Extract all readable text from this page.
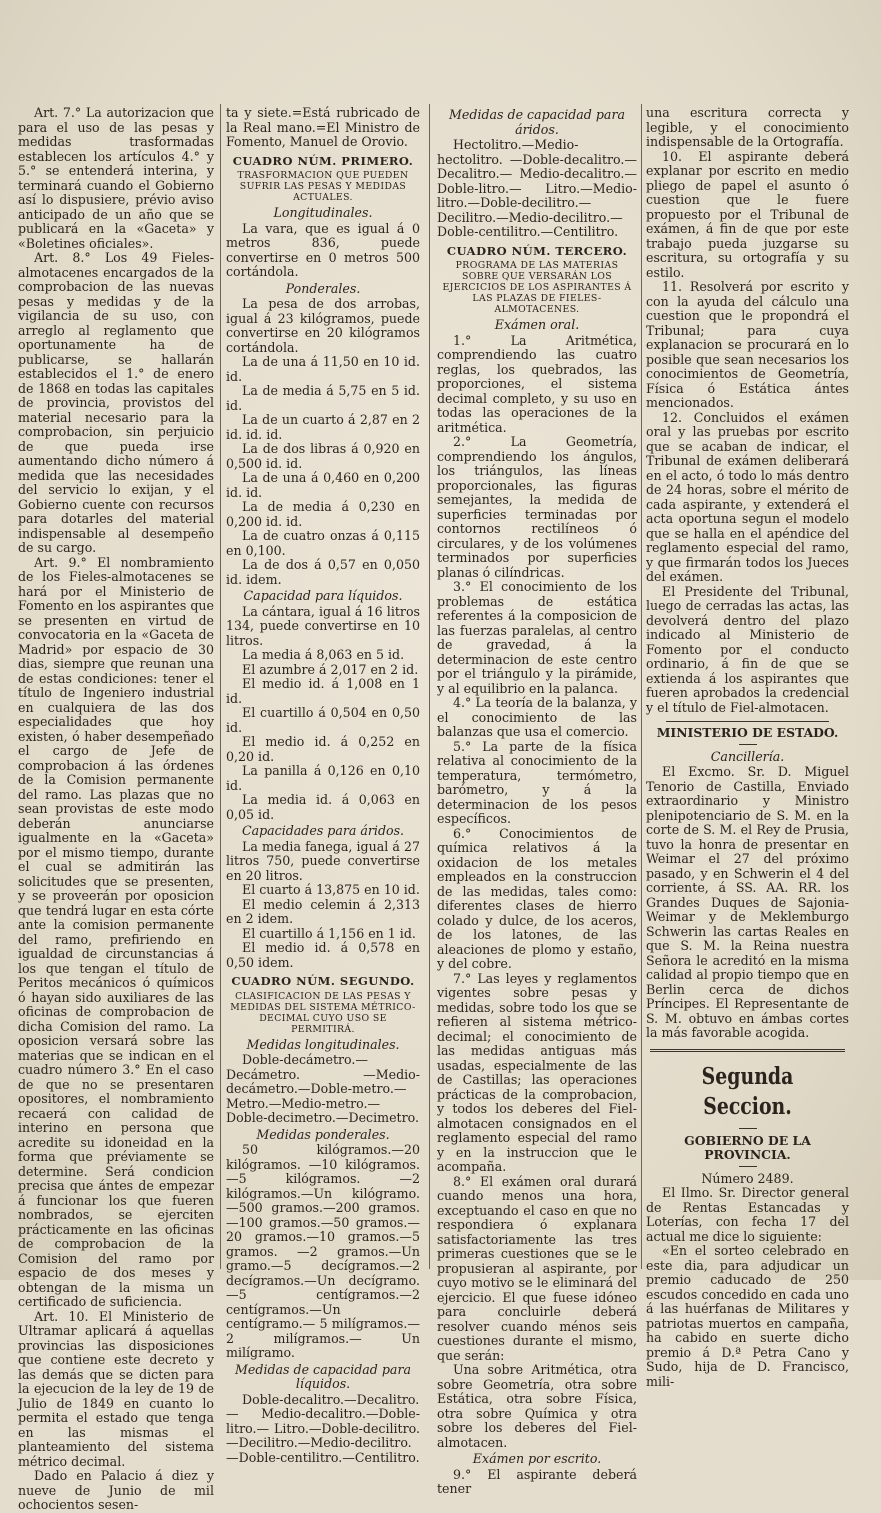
Art. 7.° La autorizacion que para el uso de las pesas y medidas trasformadas establecen los artículos 4.° y 5.° se entenderá interina, y terminará cuando el Gobierno así lo dispusiere, prévio aviso anticipado de un año que se publicará en la «Gaceta» y «Boletines oficiales».

Art. 8.° Los 49 Fieles-almotacenes encargados de la comprobacion de las nuevas pesas y medidas y de la vigilancia de su uso, con arreglo al reglamento que oportunamente ha de publicarse, se hallarán establecidos el 1.° de enero de 1868 en todas las capitales de provincia, provistos del material necesario para la comprobacion, sin perjuicio de que pueda irse aumentando dicho número á medida que las necesidades del servicio lo exijan, y el Gobierno cuente con recursos para dotarles del material indispensable al desempeño de su cargo.

Art. 9.° El nombramiento de los Fieles-almotacenes se hará por el Ministerio de Fomento en los aspirantes que se presenten en virtud de convocatoria en la «Gaceta de Madrid» por espacio de 30 dias, siempre que reunan una de estas condiciones: tener el título de Ingeniero industrial en cualquiera de las dos especialidades que hoy existen, ó haber desempeñado el cargo de Jefe de comprobacion á las órdenes de la Comision permanente del ramo. Las plazas que no sean provistas de este modo deberán anunciarse igualmente en la «Gaceta» por el mismo tiempo, durante el cual se admitirán las solicitudes que se presenten, y se proveerán por oposicion que tendrá lugar en esta córte ante la comision permanente del ramo, prefiriendo en igualdad de circunstancias á los que tengan el título de Peritos mecánicos ó químicos ó hayan sido auxiliares de las oficinas de comprobacion de dicha Comision del ramo. La oposicion versará sobre las materias que se indican en el cuadro número 3.° En el caso de que no se presentaren opositores, el nombramiento recaerá con calidad de interino en persona que acredite su idoneidad en la forma que préviamente se determine. Será condicion precisa que ántes de empezar á funcionar los que fueren nombrados, se ejerciten prácticamente en las oficinas de comprobacion de la Comision del ramo por espacio de dos meses y obtengan de la misma un certificado de suficiencia.

Art. 10. El Ministerio de Ultramar aplicará á aquellas provincias las disposiciones que contiene este decreto y las demás que se dicten para la ejecucion de la ley de 19 de Julio de 1849 en cuanto lo permita el estado que tenga en las mismas el planteamiento del sistema métrico decimal.

Dado en Palacio á diez y nueve de Junio de mil ochocientos sesen-

ta y siete.=Está rubricado de la Real mano.=El Ministro de Fomento, Manuel de Orovio.

CUADRO NÚM. PRIMERO.
TRASFORMACION QUE PUEDEN SUFRIR LAS PESAS Y MEDIDAS ACTUALES.
Longitudinales.

La vara, que es igual á 0 metros 836, puede convertirse en 0 metros 500 cortándola.

Ponderales.

La pesa de dos arrobas, igual á 23 kilógramos, puede convertirse en 20 kilógramos cortándola.

La de una á 11,50 en 10 id. id.

La de media á 5,75 en 5 id. id.

La de un cuarto á 2,87 en 2 id. id. id.

La de dos libras á 0,920 en 0,500 id. id.

La de una á 0,460 en 0,200 id. id.

La de media á 0,230 en 0,200 id. id.

La de cuatro onzas á 0,115 en 0,100.

La de dos á 0,57 en 0,050 id. idem.

Capacidad para líquidos.

La cántara, igual á 16 litros 134, puede convertirse en 10 litros.

La media á 8,063 en 5 id.

El azumbre á 2,017 en 2 id.

El medio id. á 1,008 en 1 id.

El cuartillo á 0,504 en 0,50 id.

El medio id. á 0,252 en 0,20 id.

La panilla á 0,126 en 0,10 id.

La media id. á 0,063 en 0,05 id.

Capacidades para áridos.

La media fanega, igual á 27 litros 750, puede convertirse en 20 litros.

El cuarto á 13,875 en 10 id.

El medio celemin á 2,313 en 2 idem.

El cuartillo á 1,156 en 1 id.

El medio id. á 0,578 en 0,50 idem.

CUADRO NÚM. SEGUNDO.
CLASIFICACION DE LAS PESAS Y MEDIDAS DEL SISTEMA MÉTRICO-DECIMAL CUYO USO SE PERMITIRÁ.
Medidas longitudinales.

Doble-decámetro.—Decámetro. —Medio-decámetro.—Doble-metro.—Metro.—Medio-metro.—Doble-decimetro.—Decimetro.

Medidas ponderales.

50 kilógramos.—20 kilógramos. —10 kilógramos.—5 kilógramos. —2 kilógramos.—Un kilógramo. —500 gramos.—200 gramos.—100 gramos.—50 gramos.—20 gramos.—10 gramos.—5 gramos. —2 gramos.—Un gramo.—5 decígramos.—2 decígramos.—Un decígramo.—5 centígramos.—2 centígramos.—Un centígramo.— 5 milígramos.—2 milígramos.— Un milígramo.

Medidas de capacidad para líquidos.

Doble-decalitro.—Decalitro.— Medio-decalitro.—Doble-litro.— Litro.—Doble-decilitro.—Decilitro.—Medio-decilitro.—Doble-centilitro.—Centilitro.

Medidas de capacidad para áridos.

Hectolitro.—Medio-hectolitro. —Doble-decalitro.—Decalitro.— Medio-decalitro.—Doble-litro.— Litro.—Medio-litro.—Doble-decilitro.—Decilitro.—Medio-decilitro.—Doble-centilitro.—Centilitro.

CUADRO NÚM. TERCERO.
PROGRAMA DE LAS MATERIAS SOBRE QUE VERSARÁN LOS EJERCICIOS DE LOS ASPIRANTES Á LAS PLAZAS DE FIELES-ALMOTACENES.
Exámen oral.

1.° La Aritmética, comprendiendo las cuatro reglas, los quebrados, las proporciones, el sistema decimal completo, y su uso en todas las operaciones de la aritmética.

2.° La Geometría, comprendiendo los ángulos, los triángulos, las líneas proporcionales, las figuras semejantes, la medida de superficies terminadas por contornos rectilíneos ó circulares, y de los volúmenes terminados por superficies planas ó cilíndricas.

3.° El conocimiento de los problemas de estática referentes á la composicion de las fuerzas paralelas, al centro de gravedad, á la determinacion de este centro por el triángulo y la pirámide, y al equilibrio en la palanca.

4.° La teoría de la balanza, y el conocimiento de las balanzas que usa el comercio.

5.° La parte de la física relativa al conocimiento de la temperatura, termómetro, barómetro, y á la determinacion de los pesos específicos.

6.° Conocimientos de química relativos á la oxidacion de los metales empleados en la construccion de las medidas, tales como: diferentes clases de hierro colado y dulce, de los aceros, de los latones, de las aleaciones de plomo y estaño, y del cobre.

7.° Las leyes y reglamentos vigentes sobre pesas y medidas, sobre todo los que se refieren al sistema métrico-decimal; el conocimiento de las medidas antiguas más usadas, especialmente de las de Castillas; las operaciones prácticas de la comprobacion, y todos los deberes del Fiel-almotacen consignados en el reglamento especial del ramo y en la instruccion que le acompaña.

8.° El exámen oral durará cuando menos una hora, exceptuando el caso en que no respondiera ó explanara satisfactoriamente las tres primeras cuestiones que se le propusieran al aspirante, por cuyo motivo se le eliminará del ejercicio. El que fuese idóneo para concluirle deberá resolver cuando ménos seis cuestiones durante el mismo, que serán:

Una sobre Aritmética, otra sobre Geometría, otra sobre Estática, otra sobre Física, otra sobre Química y otra sobre los deberes del Fiel-almotacen.

Exámen por escrito.

9.° El aspirante deberá tener

una escritura correcta y legible, y el conocimiento indispensable de la Ortografía.

10. El aspirante deberá explanar por escrito en medio pliego de papel el asunto ó cuestion que le fuere propuesto por el Tribunal de exámen, á fin de que por este trabajo pueda juzgarse su escritura, su ortografía y su estilo.

11. Resolverá por escrito y con la ayuda del cálculo una cuestion que le propondrá el Tribunal; para cuya explanacion se procurará en lo posible que sean necesarios los conocimientos de Geometría, Física ó Estática ántes mencionados.

12. Concluidos el exámen oral y las pruebas por escrito que se acaban de indicar, el Tribunal de exámen deliberará en el acto, ó todo lo más dentro de 24 horas, sobre el mérito de cada aspirante, y extenderá el acta oportuna segun el modelo que se halla en el apéndice del reglamento especial del ramo, y que firmarán todos los Jueces del exámen.

El Presidente del Tribunal, luego de cerradas las actas, las devolverá dentro del plazo indicado al Ministerio de Fomento por el conducto ordinario, á fin de que se extienda á los aspirantes que fueren aprobados la credencial y el título de Fiel-almotacen.

MINISTERIO DE ESTADO.
Cancillería.

El Excmo. Sr. D. Miguel Tenorio de Castilla, Enviado extraordinario y Ministro plenipotenciario de S. M. en la corte de S. M. el Rey de Prusia, tuvo la honra de presentar en Weimar el 27 del próximo pasado, y en Schwerin el 4 del corriente, á SS. AA. RR. los Grandes Duques de Sajonia-Weimar y de Meklemburgo Schwerin las cartas Reales en que S. M. la Reina nuestra Señora le acreditó en la misma calidad al propio tiempo que en Berlin cerca de dichos Príncipes. El Representante de S. M. obtuvo en ámbas cortes la más favorable acogida.

Segunda Seccion.
GOBIERNO DE LA PROVINCIA.
Número 2489.

El Ilmo. Sr. Director general de Rentas Estancadas y Loterías, con fecha 17 del actual me dice lo siguiente:

«En el sorteo celebrado en este dia, para adjudicar un premio caducado de 250 escudos concedido en cada uno á las huérfanas de Militares y patriotas muertos en campaña, ha cabido en suerte dicho premio á D.ª Petra Cano y Sudo, hija de D. Francisco, mili-
